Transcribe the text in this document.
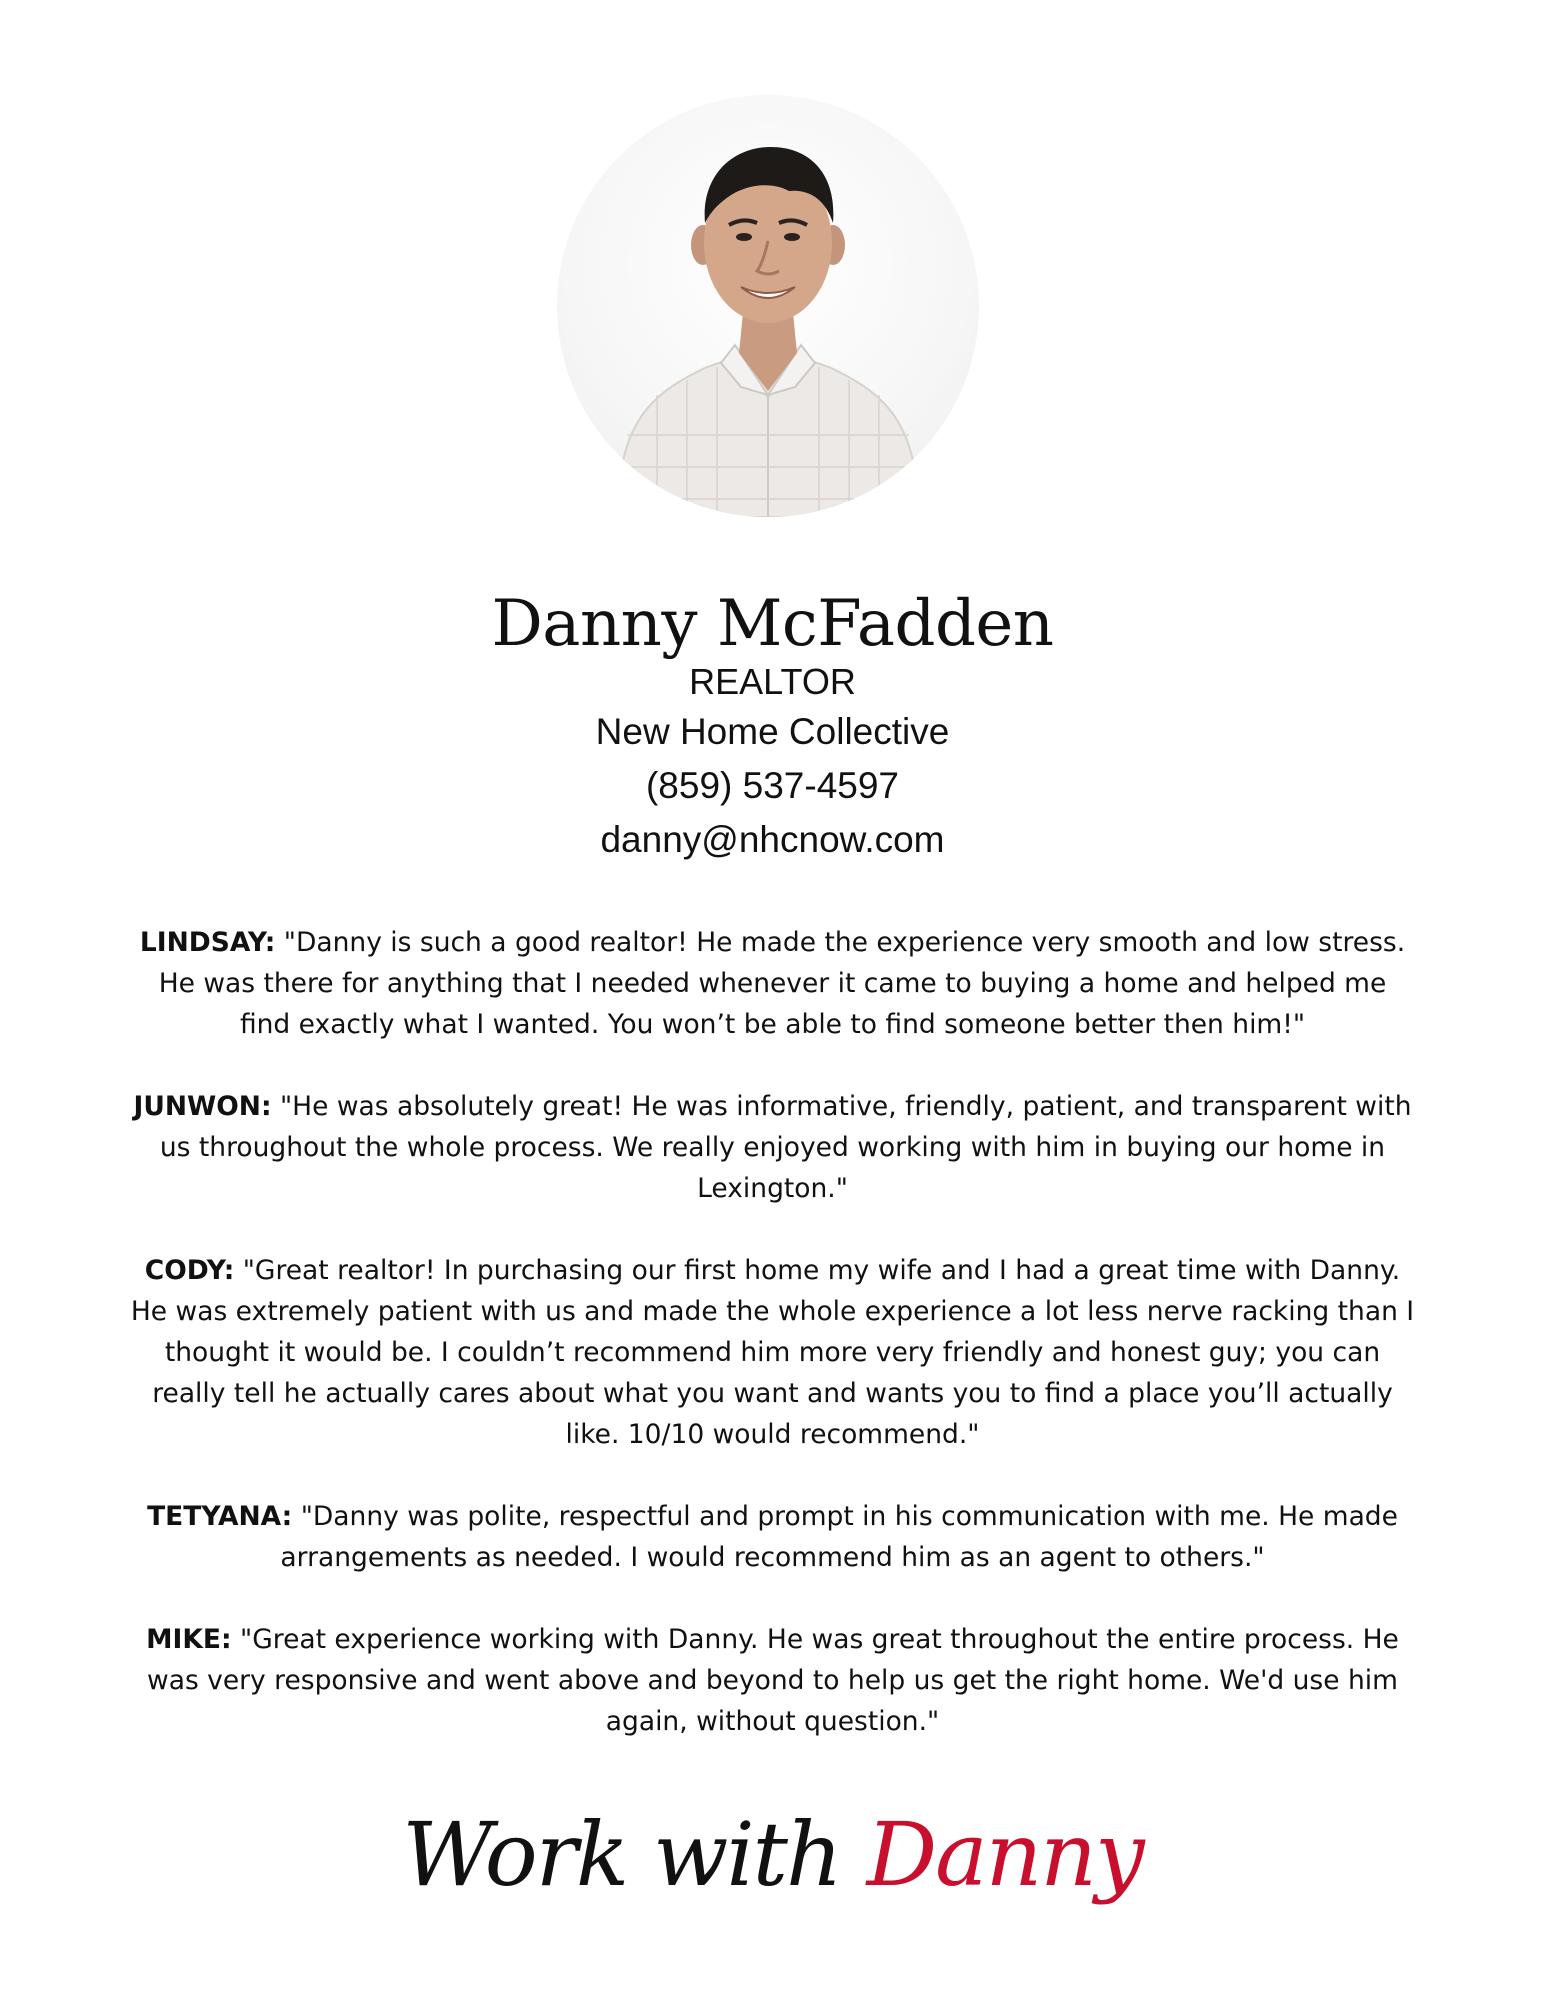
Danny McFadden
REALTOR
New Home Collective
(859) 537-4597
danny@nhcnow.com

LINDSAY: "Danny is such a good realtor! He made the experience very smooth and low stress. He was there for anything that I needed whenever it came to buying a home and helped me find exactly what I wanted. You won’t be able to find someone better then him!"

JUNWON: "He was absolutely great! He was informative, friendly, patient, and transparent with us throughout the whole process. We really enjoyed working with him in buying our home in Lexington."

CODY: "Great realtor! In purchasing our first home my wife and I had a great time with Danny. He was extremely patient with us and made the whole experience a lot less nerve racking than I thought it would be. I couldn’t recommend him more very friendly and honest guy; you can really tell he actually cares about what you want and wants you to find a place you’ll actually like. 10/10 would recommend."

TETYANA: "Danny was polite, respectful and prompt in his communication with me. He made arrangements as needed. I would recommend him as an agent to others."

MIKE: "Great experience working with Danny. He was great throughout the entire process. He was very responsive and went above and beyond to help us get the right home. We'd use him again, without question."

Work with Danny
